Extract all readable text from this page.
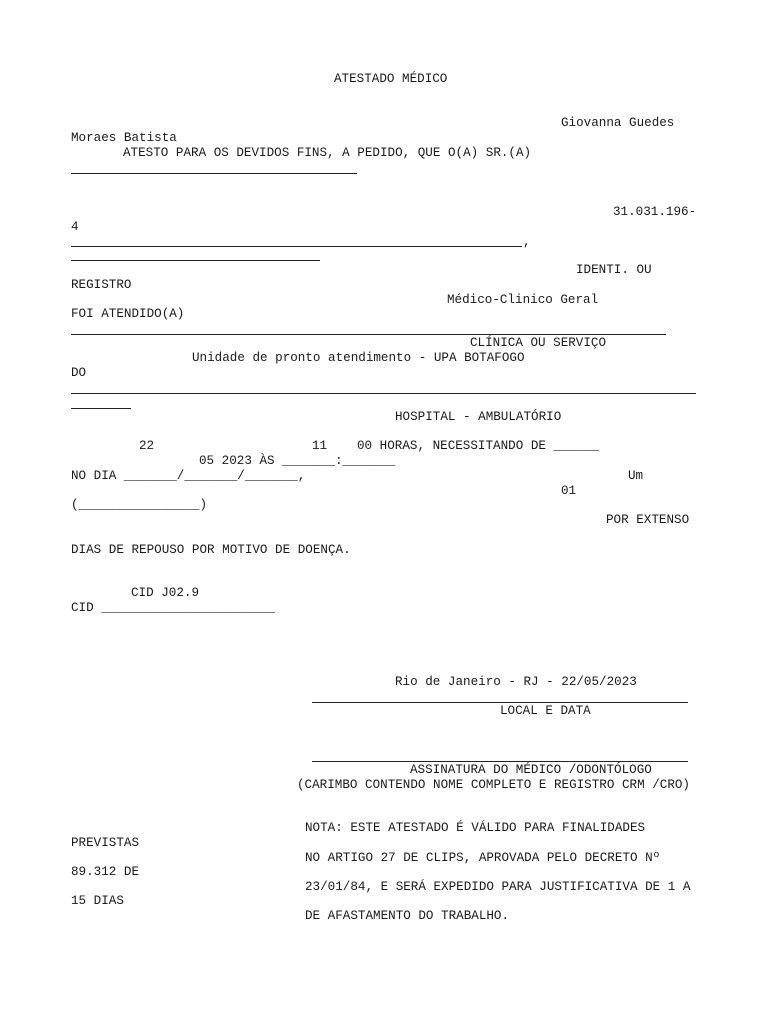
ATESTADO MÉDICO
Giovanna Guedes
Moraes Batista
ATESTO PARA OS DEVIDOS FINS, A PEDIDO, QUE O(A) SR.(A)
31.031.196-
4
,
IDENTI. OU
REGISTRO
Médico-Clinico Geral
FOI ATENDIDO(A)
CLÍNICA OU SERVIÇO
Unidade de pronto atendimento - UPA BOTAFOGO
DO
HOSPITAL - AMBULATÓRIO
22	11 00 HORAS, NECESSITANDO DE ______
05 2023 ÀS _______:_______
NO DIA _______/_______/_______,	Um
01
(________________)
POR EXTENSO
DIAS DE REPOUSO POR MOTIVO DE DOENÇA.
CID J02.9
CID _______________________
Rio de Janeiro - RJ - 22/05/2023
LOCAL E DATA
ASSINATURA DO MÉDICO /ODONTÓLOGO
(CARIMBO CONTENDO NOME COMPLETO E REGISTRO CRM /CRO)
NOTA: ESTE ATESTADO É VÁLIDO PARA FINALIDADES
PREVISTAS
NO ARTIGO 27 DE CLIPS, APROVADA PELO DECRETO Nº
89.312 DE
23/01/84, E SERÁ EXPEDIDO PARA JUSTIFICATIVA DE 1 A
15 DIAS
DE AFASTAMENTO DO TRABALHO.
